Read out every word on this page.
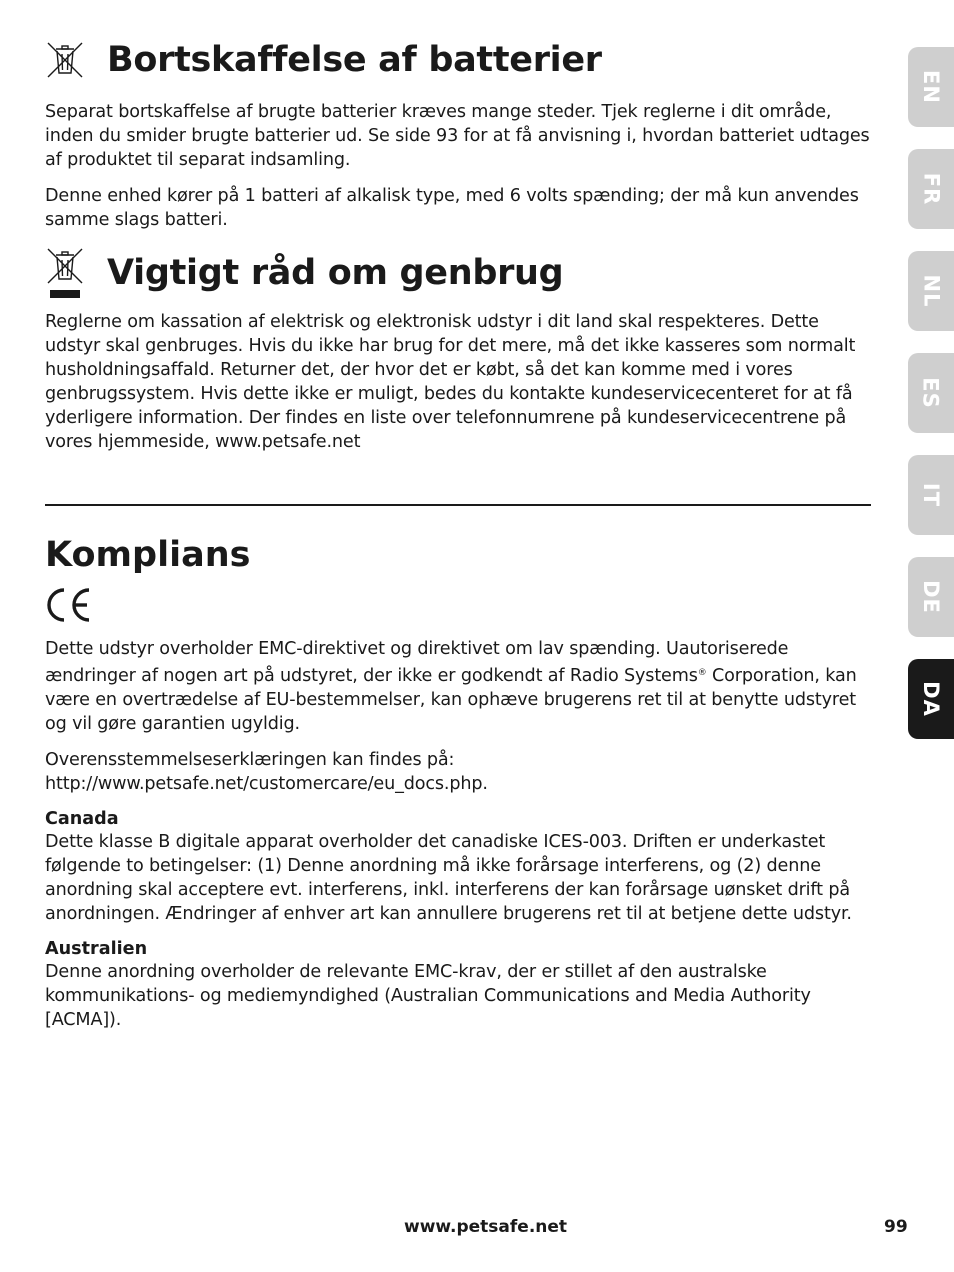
Bortskaffelse af batterier

Separat bortskaffelse af brugte batterier kræves mange steder. Tjek reglerne i dit område, inden du smider brugte batterier ud. Se side 93 for at få anvisning i, hvordan batteriet udtages af produktet til separat indsamling.

Denne enhed kører på 1 batteri af alkalisk type, med 6 volts spænding; der må kun anvendes samme slags batteri.

Vigtigt råd om genbrug

Reglerne om kassation af elektrisk og elektronisk udstyr i dit land skal respekteres. Dette udstyr skal genbruges. Hvis du ikke har brug for det mere, må det ikke kasseres som normalt husholdningsaffald. Returner det, der hvor det er købt, så det kan komme med i vores genbrugssystem. Hvis dette ikke er muligt, bedes du kontakte kundeservicecenteret for at få yderligere information. Der findes en liste over telefonnumrene på kundeservicecentrene på vores hjemmeside, www.petsafe.net

Komplians

Dette udstyr overholder EMC-direktivet og direktivet om lav spænding. Uautoriserede ændringer af nogen art på udstyret, der ikke er godkendt af Radio Systems® Corporation, kan være en overtrædelse af EU-bestemmelser, kan ophæve brugerens ret til at benytte udstyret og vil gøre garantien ugyldig.

Overensstemmelseserklæringen kan findes på:
http://www.petsafe.net/customercare/eu_docs.php.

Canada

Dette klasse B digitale apparat overholder det canadiske ICES-003. Driften er underkastet følgende to betingelser: (1) Denne anordning må ikke forårsage interferens, og (2) denne anordning skal acceptere evt. interferens, inkl. interferens der kan forårsage uønsket drift på anordningen. Ændringer af enhver art kan annullere brugerens ret til at betjene dette udstyr.

Australien

Denne anordning overholder de relevante EMC-krav, der er stillet af den australske kommunikations- og mediemyndighed (Australian Communications and Media Authority [ACMA]).

EN
FR
NL
ES
IT
DE
DA
www.petsafe.net	99
